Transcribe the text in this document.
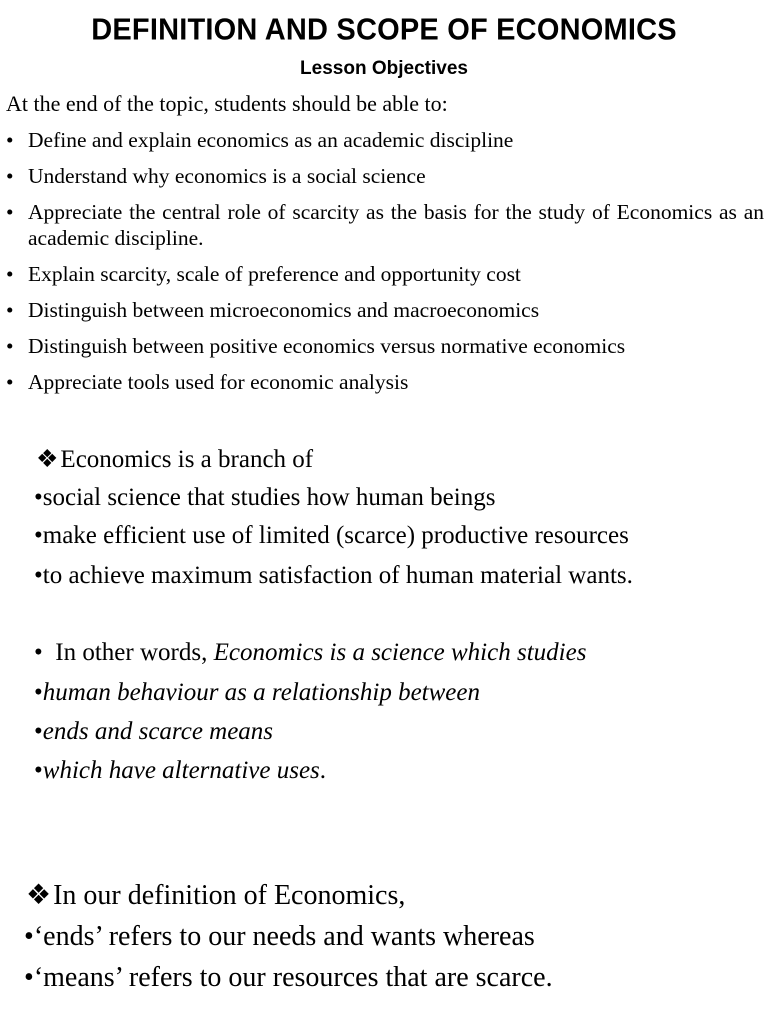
DEFINITION AND SCOPE OF ECONOMICS
Lesson Objectives
At the end of the topic, students should be able to:
• Define and explain economics as an academic discipline
• Understand why economics is a social science
• Appreciate the central role of scarcity as the basis for the study of Economics as an academic discipline.
• Explain scarcity, scale of preference and opportunity cost
• Distinguish between microeconomics and macroeconomics
• Distinguish between positive economics versus normative economics
• Appreciate tools used for economic analysis
❖Economics is a branch of
•social science that studies how human beings
•make efficient use of limited (scarce) productive resources
•to achieve maximum satisfaction of human material wants.
• In other words, Economics is a science which studies
•human behaviour as a relationship between
•ends and scarce means
•which have alternative uses.
❖In our definition of Economics,
•‘ends’ refers to our needs and wants whereas
•‘means’ refers to our resources that are scarce.
